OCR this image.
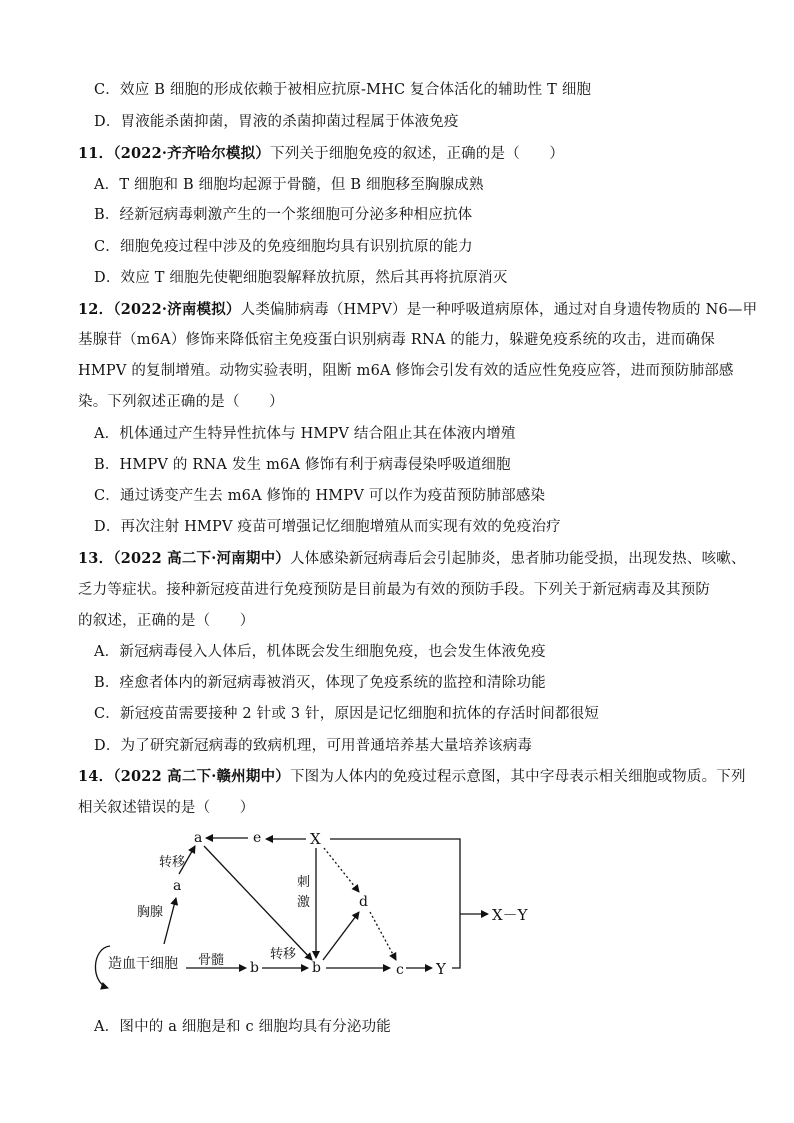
C．效应 B 细胞的形成依赖于被相应抗原-MHC 复合体活化的辅助性 T 细胞
D．胃液能杀菌抑菌，胃液的杀菌抑菌过程属于体液免疫
11．（2022·齐齐哈尔模拟）下列关于细胞免疫的叙述，正确的是（　　）
A．T 细胞和 B 细胞均起源于骨髓，但 B 细胞移至胸腺成熟
B．经新冠病毒刺激产生的一个浆细胞可分泌多种相应抗体
C．细胞免疫过程中涉及的免疫细胞均具有识别抗原的能力
D．效应 T 细胞先使靶细胞裂解释放抗原，然后其再将抗原消灭
12．（2022·济南模拟）人类偏肺病毒（HMPV）是一种呼吸道病原体，通过对自身遗传物质的 N6—甲
基腺苷（m6A）修饰来降低宿主免疫蛋白识别病毒 RNA 的能力，躲避免疫系统的攻击，进而确保
HMPV 的复制增殖。动物实验表明，阻断 m6A 修饰会引发有效的适应性免疫应答，进而预防肺部感
染。下列叙述正确的是（　　）
A．机体通过产生特异性抗体与 HMPV 结合阻止其在体液内增殖
B．HMPV 的 RNA 发生 m6A 修饰有利于病毒侵染呼吸道细胞
C．通过诱变产生去 m6A 修饰的 HMPV 可以作为疫苗预防肺部感染
D．再次注射 HMPV 疫苗可增强记忆细胞增殖从而实现有效的免疫治疗
13．（2022 高二下·河南期中）人体感染新冠病毒后会引起肺炎，患者肺功能受损，出现发热、咳嗽、
乏力等症状。接种新冠疫苗进行免疫预防是目前最为有效的预防手段。下列关于新冠病毒及其预防
的叙述，正确的是（　　）
A．新冠病毒侵入人体后，机体既会发生细胞免疫，也会发生体液免疫
B．痊愈者体内的新冠病毒被消灭，体现了免疫系统的监控和清除功能
C．新冠疫苗需要接种 2 针或 3 针，原因是记忆细胞和抗体的存活时间都很短
D．为了研究新冠病毒的致病机理，可用普通培养基大量培养该病毒
14．（2022 高二下·赣州期中）下图为人体内的免疫过程示意图，其中字母表示相关细胞或物质。下列
相关叙述错误的是（　　）
造血干细胞
a
a
e	X
b	b	c Y
d
X－Y
转移
胸腺
骨髓	转移
刺
激
A．图中的 a 细胞是和 c 细胞均具有分泌功能
